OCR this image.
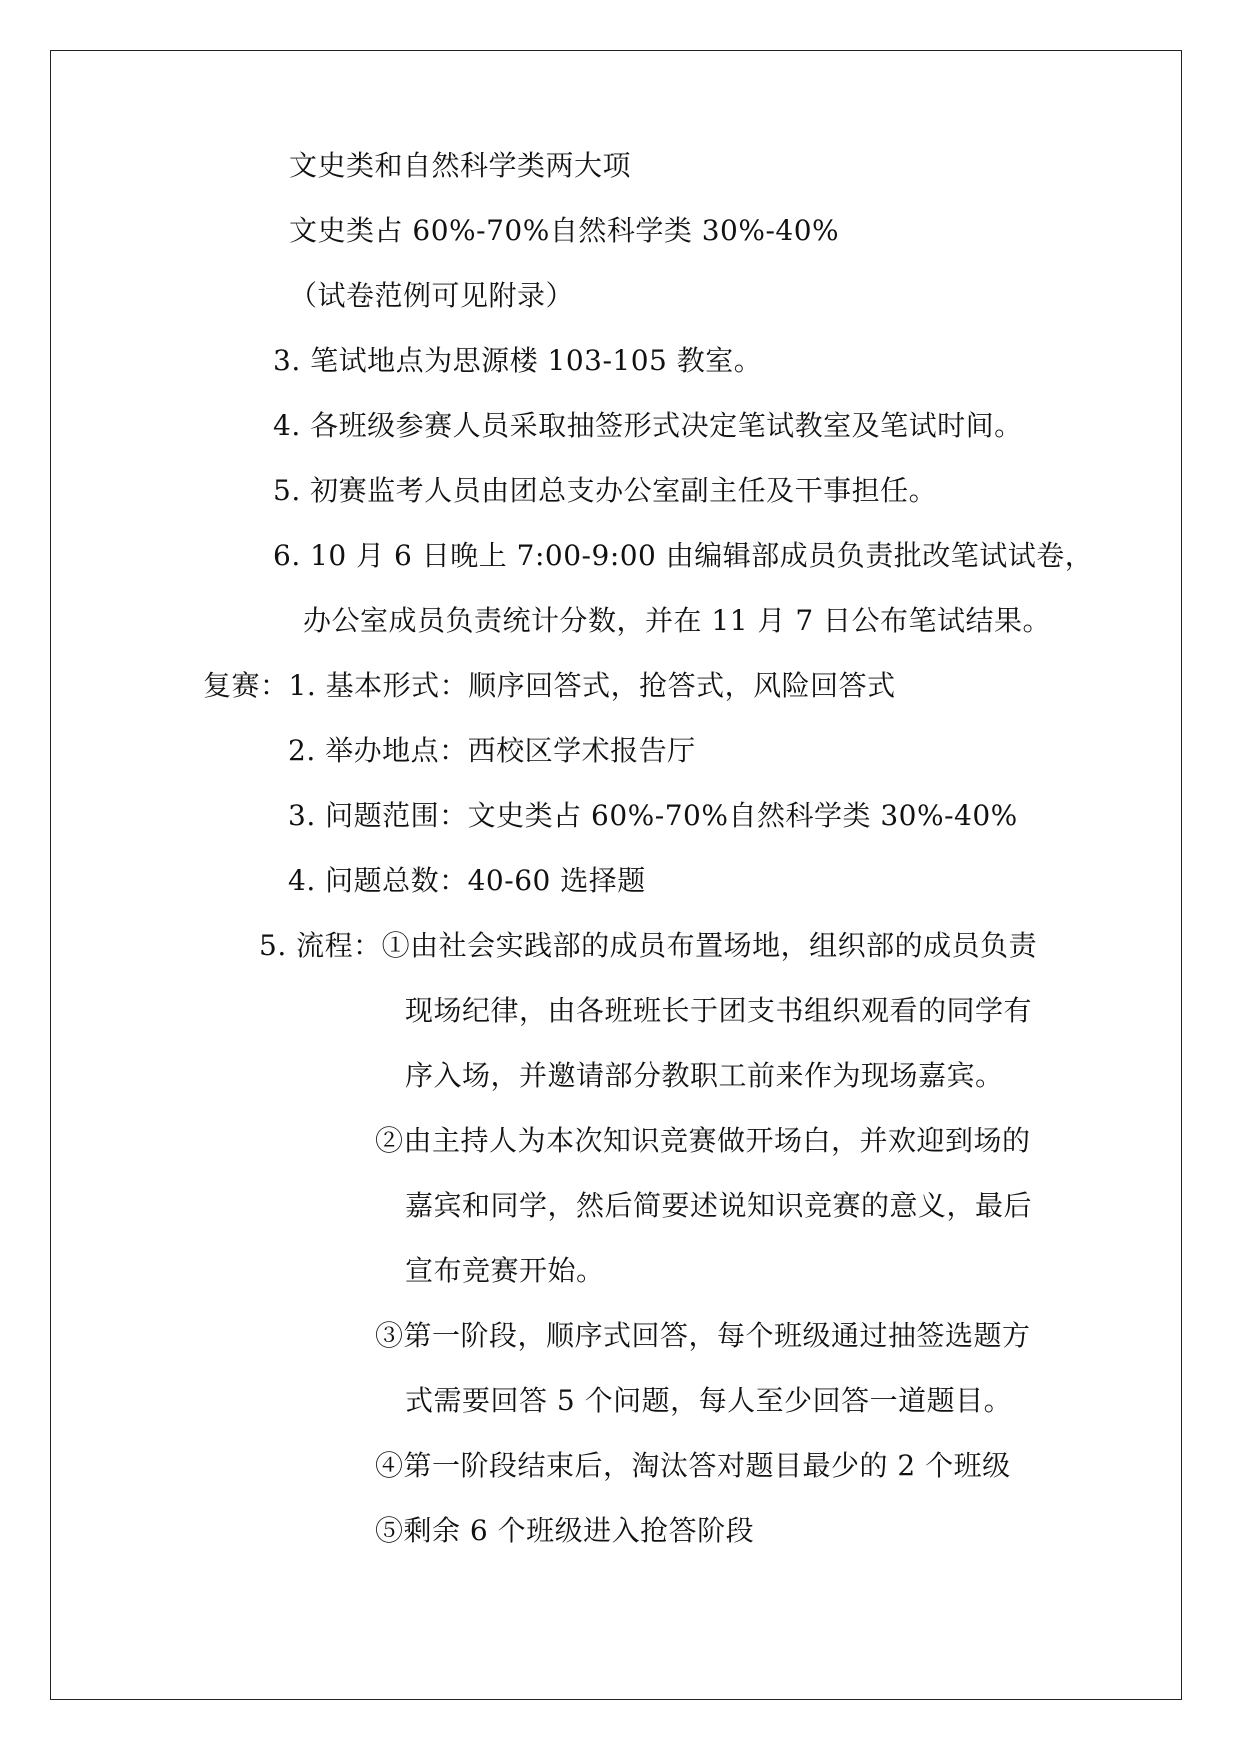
文史类和自然科学类两大项
文史类占 60%-70%自然科学类 30%-40%
（试卷范例可见附录）
3. 笔试地点为思源楼 103-105 教室。
4. 各班级参赛人员采取抽签形式决定笔试教室及笔试时间。
5. 初赛监考人员由团总支办公室副主任及干事担任。
6. 10 月 6 日晚上 7:00-9:00 由编辑部成员负责批改笔试试卷，
办公室成员负责统计分数，并在 11 月 7 日公布笔试结果。
复赛：1. 基本形式：顺序回答式，抢答式，风险回答式
2. 举办地点：西校区学术报告厅
3. 问题范围：文史类占 60%-70%自然科学类 30%-40%
4. 问题总数：40-60 选择题
5. 流程：①由社会实践部的成员布置场地，组织部的成员负责
现场纪律，由各班班长于团支书组织观看的同学有
序入场，并邀请部分教职工前来作为现场嘉宾。
②由主持人为本次知识竞赛做开场白，并欢迎到场的
嘉宾和同学，然后简要述说知识竞赛的意义，最后
宣布竞赛开始。
③第一阶段，顺序式回答，每个班级通过抽签选题方
式需要回答 5 个问题，每人至少回答一道题目。
④第一阶段结束后，淘汰答对题目最少的 2 个班级
⑤剩余 6 个班级进入抢答阶段
